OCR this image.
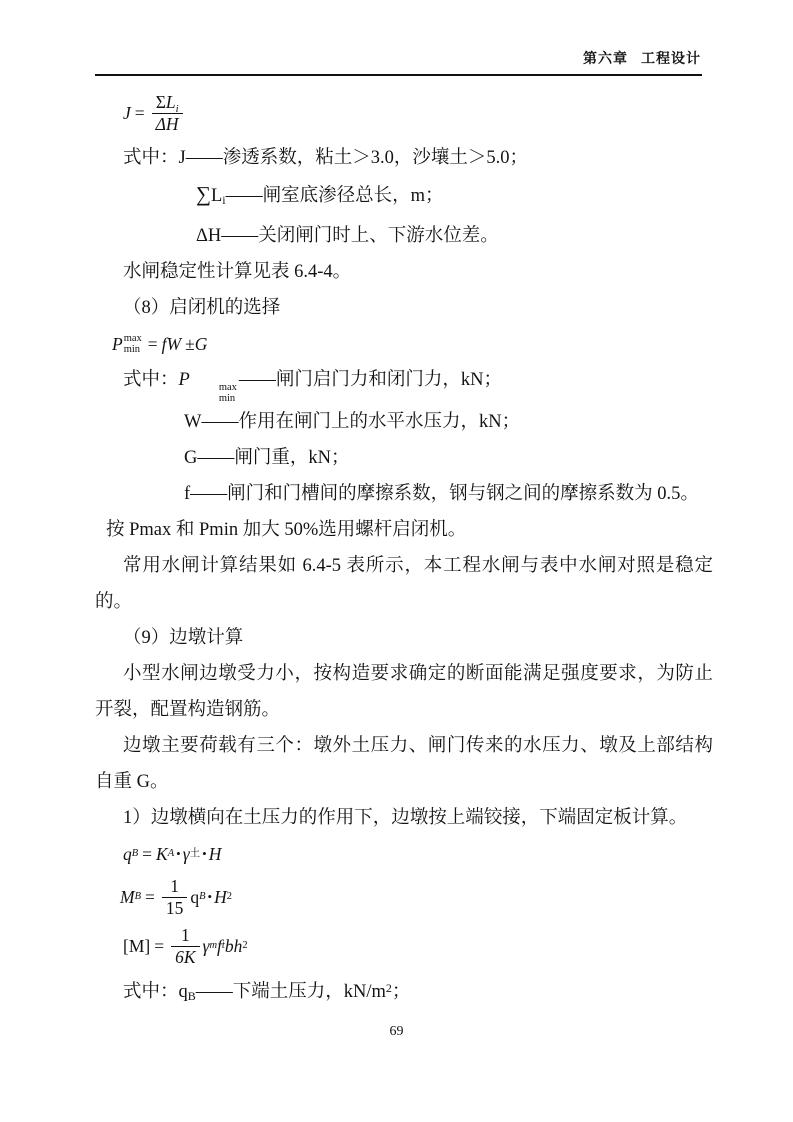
第六章 工程设计
$J = \frac{\Sigma L_i}{\Delta H}$

式中：J——渗透系数，粘土＞3.0，沙壤土＞5.0；

$\sum L_i——$闸室底渗径总长，m；

ΔH——关闭闸门时上、下游水位差。

水闸稳定性计算见表 6.4-4。

（8）启闭机的选择

P max
min = fW ± G

式中：P	max
min
——闸门启门力和闭门力，kN；

W——作用在闸门上的水平水压力，kN；

G——闸门重，kN；

f——闸门和门槽间的摩擦系数，钢与钢之间的摩擦系数为 0.5。

按 Pmax 和 Pmin 加大 50%选用螺杆启闭机。

常用水闸计算结果如 6.4-5 表所示，本工程水闸与表中水闸对照是稳定的。

（9）边墩计算

小型水闸边墩受力小，按构造要求确定的断面能满足强度要求，为防止开裂，配置构造钢筋。

边墩主要荷载有三个：墩外土压力、闸门传来的水压力、墩及上部结构自重 G。

1）边墩横向在土压力的作用下，边墩按上端铰接，下端固定板计算。

q B = K A • γ 土 • H
M $B = \frac{1}{15}$ q B • H 2
$[M] = \frac{1}{6K}$ γ m f t bh 2

式中：$q_B——$下端土压力，$kN/m^2$；

69
